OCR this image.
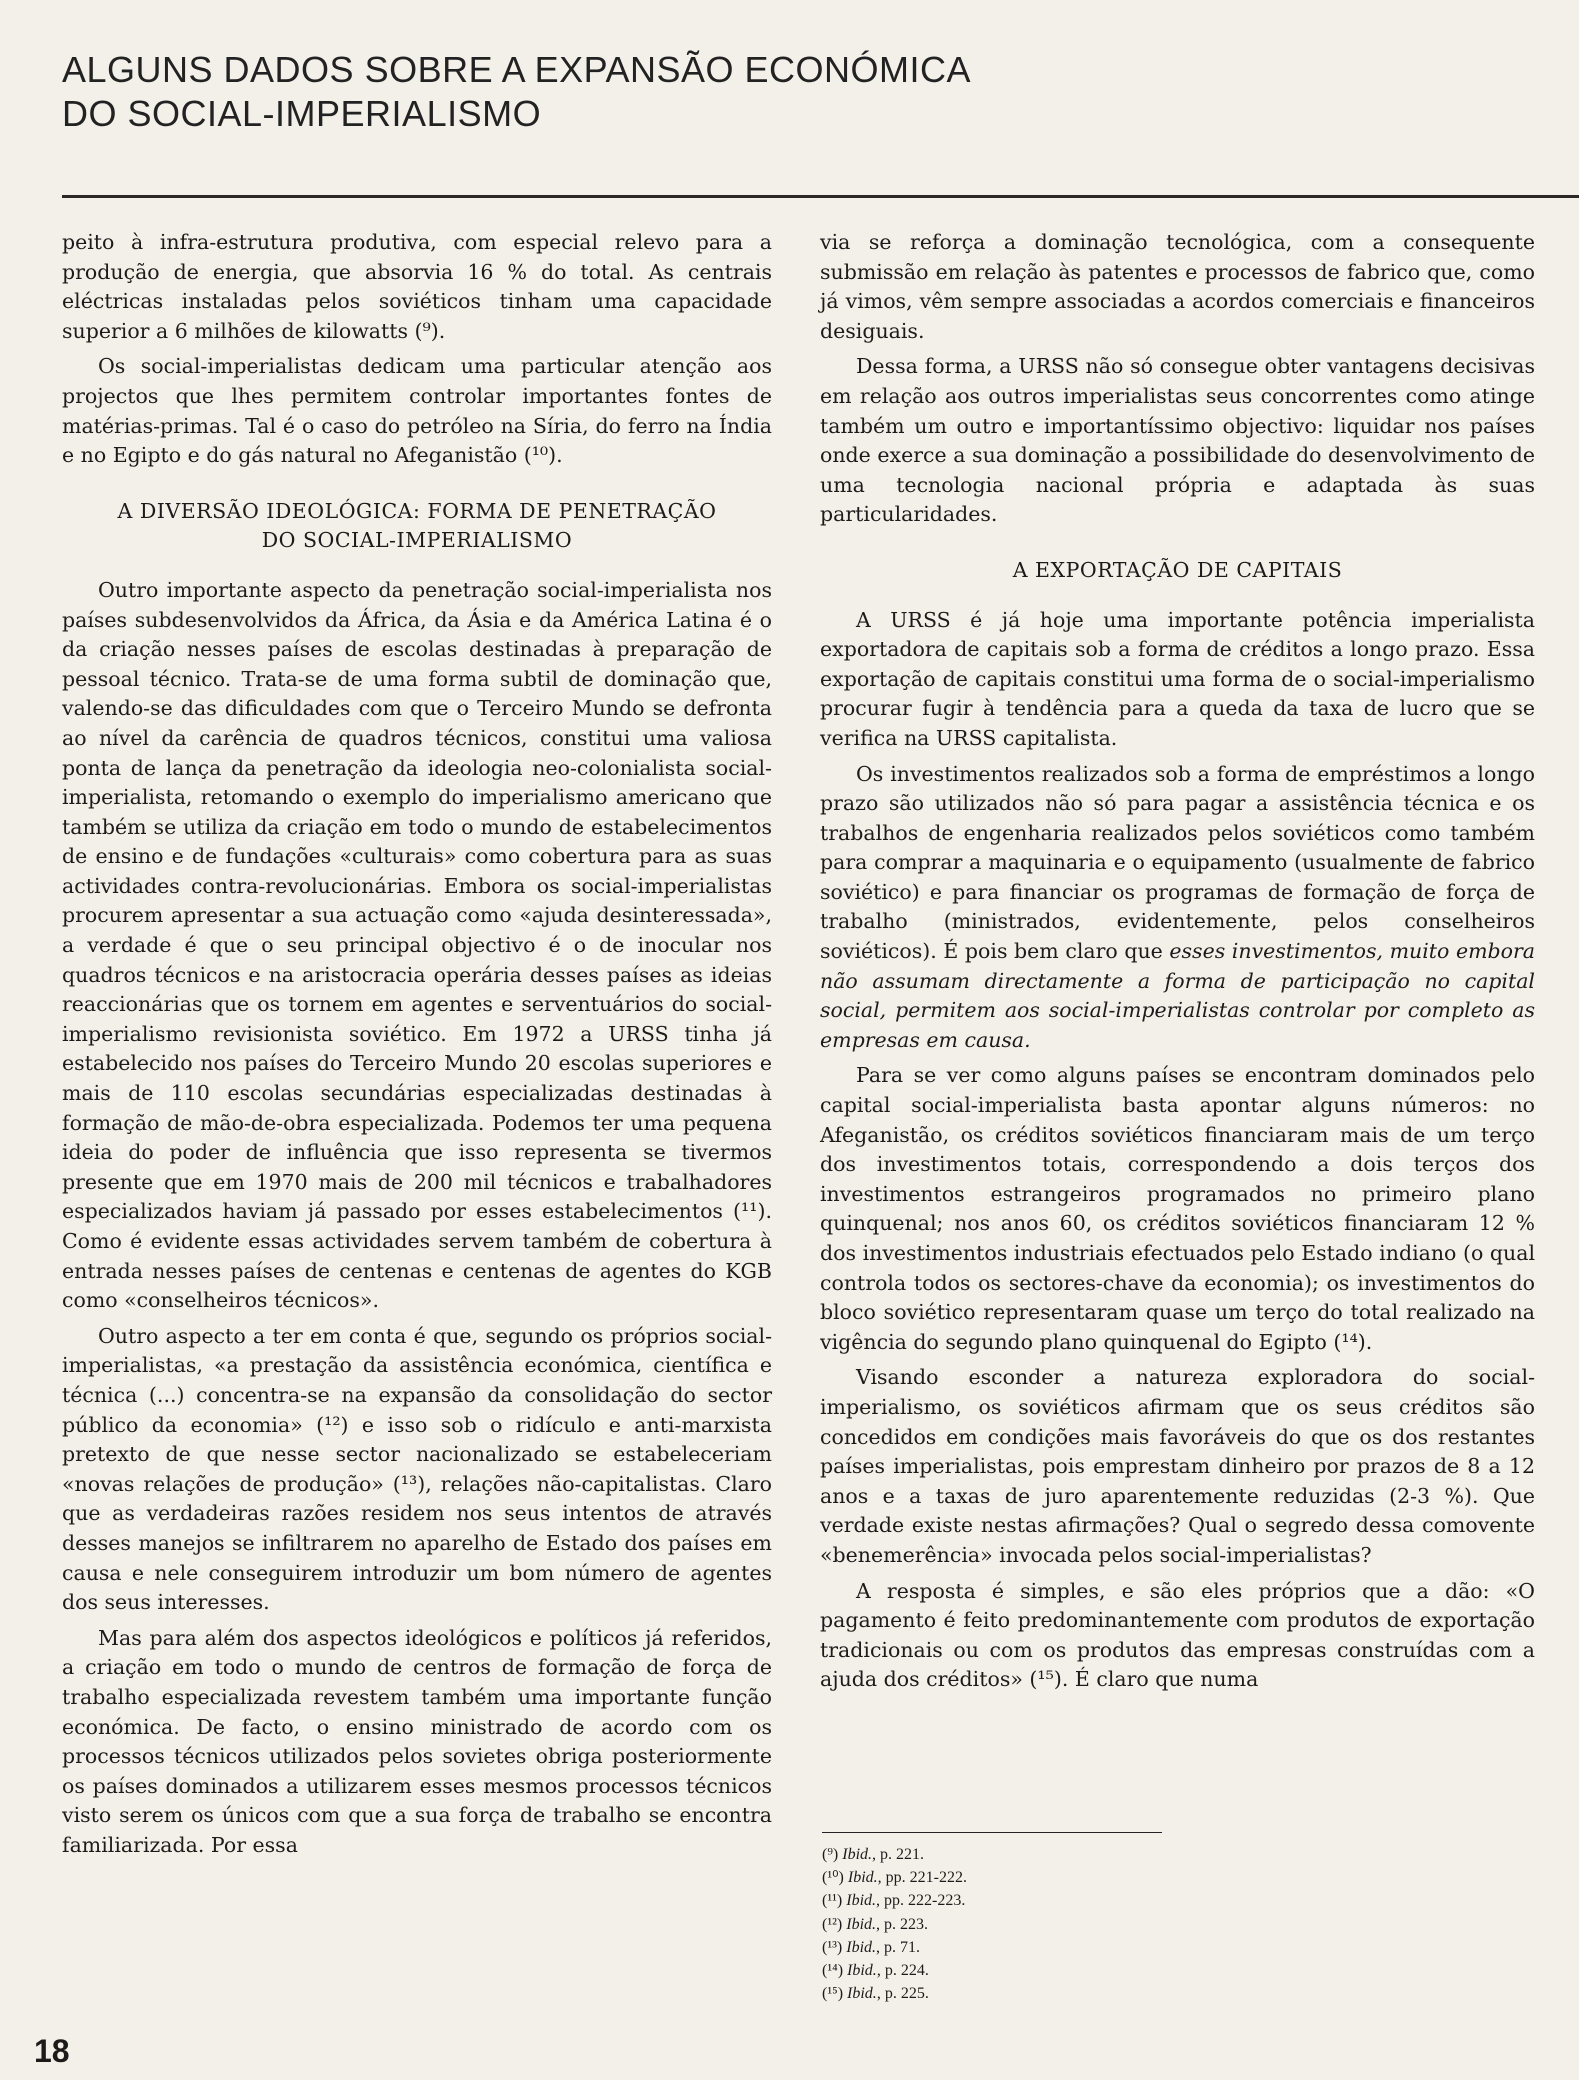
ALGUNS DADOS SOBRE A EXPANSÃO ECONÓMICA
DO SOCIAL-IMPERIALISMO

peito à infra-estrutura produtiva, com especial relevo para a produção de energia, que absorvia 16 % do total. As centrais eléctricas instaladas pelos soviéticos tinham uma capacidade superior a 6 milhões de kilowatts (⁹).

Os social-imperialistas dedicam uma particular atenção aos projectos que lhes permitem controlar importantes fontes de matérias-primas. Tal é o caso do petróleo na Síria, do ferro na Índia e no Egipto e do gás natural no Afeganistão (¹⁰).

A DIVERSÃO IDEOLÓGICA: FORMA DE PENETRAÇÃO
DO SOCIAL-IMPERIALISMO

Outro importante aspecto da penetração social-imperialista nos países subdesenvolvidos da África, da Ásia e da América Latina é o da criação nesses países de escolas destinadas à preparação de pessoal técnico. Trata-se de uma forma subtil de dominação que, valendo-se das dificuldades com que o Terceiro Mundo se defronta ao nível da carência de quadros técnicos, constitui uma valiosa ponta de lança da penetração da ideologia neo-colonialista social-imperialista, retomando o exemplo do imperialismo americano que também se utiliza da criação em todo o mundo de estabelecimentos de ensino e de fundações «culturais» como cobertura para as suas actividades contra-revolucionárias. Embora os social-imperialistas procurem apresentar a sua actuação como «ajuda desinteressada», a verdade é que o seu principal objectivo é o de inocular nos quadros técnicos e na aristocracia operária desses países as ideias reaccionárias que os tornem em agentes e serventuários do social-imperialismo revisionista soviético. Em 1972 a URSS tinha já estabelecido nos países do Terceiro Mundo 20 escolas superiores e mais de 110 escolas secundárias especializadas destinadas à formação de mão-de-obra especializada. Podemos ter uma pequena ideia do poder de influência que isso representa se tivermos presente que em 1970 mais de 200 mil técnicos e trabalhadores especializados haviam já passado por esses estabelecimentos (¹¹). Como é evidente essas actividades servem também de cobertura à entrada nesses países de centenas e centenas de agentes do KGB como «conselheiros técnicos».

Outro aspecto a ter em conta é que, segundo os próprios social-imperialistas, «a prestação da assistência económica, científica e técnica (...) concentra-se na expansão da consolidação do sector público da economia» (¹²) e isso sob o ridículo e anti-marxista pretexto de que nesse sector nacionalizado se estabeleceriam «novas relações de produção» (¹³), relações não-capitalistas. Claro que as verdadeiras razões residem nos seus intentos de através desses manejos se infiltrarem no aparelho de Estado dos países em causa e nele conseguirem introduzir um bom número de agentes dos seus interesses.

Mas para além dos aspectos ideológicos e políticos já referidos, a criação em todo o mundo de centros de formação de força de trabalho especializada revestem também uma importante função económica. De facto, o ensino ministrado de acordo com os processos técnicos utilizados pelos sovietes obriga posteriormente os países dominados a utilizarem esses mesmos processos técnicos visto serem os únicos com que a sua força de trabalho se encontra familiarizada. Por essa

via se reforça a dominação tecnológica, com a consequente submissão em relação às patentes e processos de fabrico que, como já vimos, vêm sempre associadas a acordos comerciais e financeiros desiguais.

Dessa forma, a URSS não só consegue obter vantagens decisivas em relação aos outros imperialistas seus concorrentes como atinge também um outro e importantíssimo objectivo: liquidar nos países onde exerce a sua dominação a possibilidade do desenvolvimento de uma tecnologia nacional própria e adaptada às suas particularidades.

A EXPORTAÇÃO DE CAPITAIS

A URSS é já hoje uma importante potência imperialista exportadora de capitais sob a forma de créditos a longo prazo. Essa exportação de capitais constitui uma forma de o social-imperialismo procurar fugir à tendência para a queda da taxa de lucro que se verifica na URSS capitalista.

Os investimentos realizados sob a forma de empréstimos a longo prazo são utilizados não só para pagar a assistência técnica e os trabalhos de engenharia realizados pelos soviéticos como também para comprar a maquinaria e o equipamento (usualmente de fabrico soviético) e para financiar os programas de formação de força de trabalho (ministrados, evidentemente, pelos conselheiros soviéticos). É pois bem claro que esses investimentos, muito embora não assumam directamente a forma de participação no capital social, permitem aos social-imperialistas controlar por completo as empresas em causa.

Para se ver como alguns países se encontram dominados pelo capital social-imperialista basta apontar alguns números: no Afeganistão, os créditos soviéticos financiaram mais de um terço dos investimentos totais, correspondendo a dois terços dos investimentos estrangeiros programados no primeiro plano quinquenal; nos anos 60, os créditos soviéticos financiaram 12 % dos investimentos industriais efectuados pelo Estado indiano (o qual controla todos os sectores-chave da economia); os investimentos do bloco soviético representaram quase um terço do total realizado na vigência do segundo plano quinquenal do Egipto (¹⁴).

Visando esconder a natureza exploradora do social-imperialismo, os soviéticos afirmam que os seus créditos são concedidos em condições mais favoráveis do que os dos restantes países imperialistas, pois emprestam dinheiro por prazos de 8 a 12 anos e a taxas de juro aparentemente reduzidas (2-3 %). Que verdade existe nestas afirmações? Qual o segredo dessa comovente «benemerência» invocada pelos social-imperialistas?

A resposta é simples, e são eles próprios que a dão: «O pagamento é feito predominantemente com produtos de exportação tradicionais ou com os produtos das empresas construídas com a ajuda dos créditos» (¹⁵). É claro que numa

(⁹) Ibid., p. 221.
(¹⁰) Ibid., pp. 221-222.
(¹¹) Ibid., pp. 222-223.
(¹²) Ibid., p. 223.
(¹³) Ibid., p. 71.
(¹⁴) Ibid., p. 224.
(¹⁵) Ibid., p. 225.
18
